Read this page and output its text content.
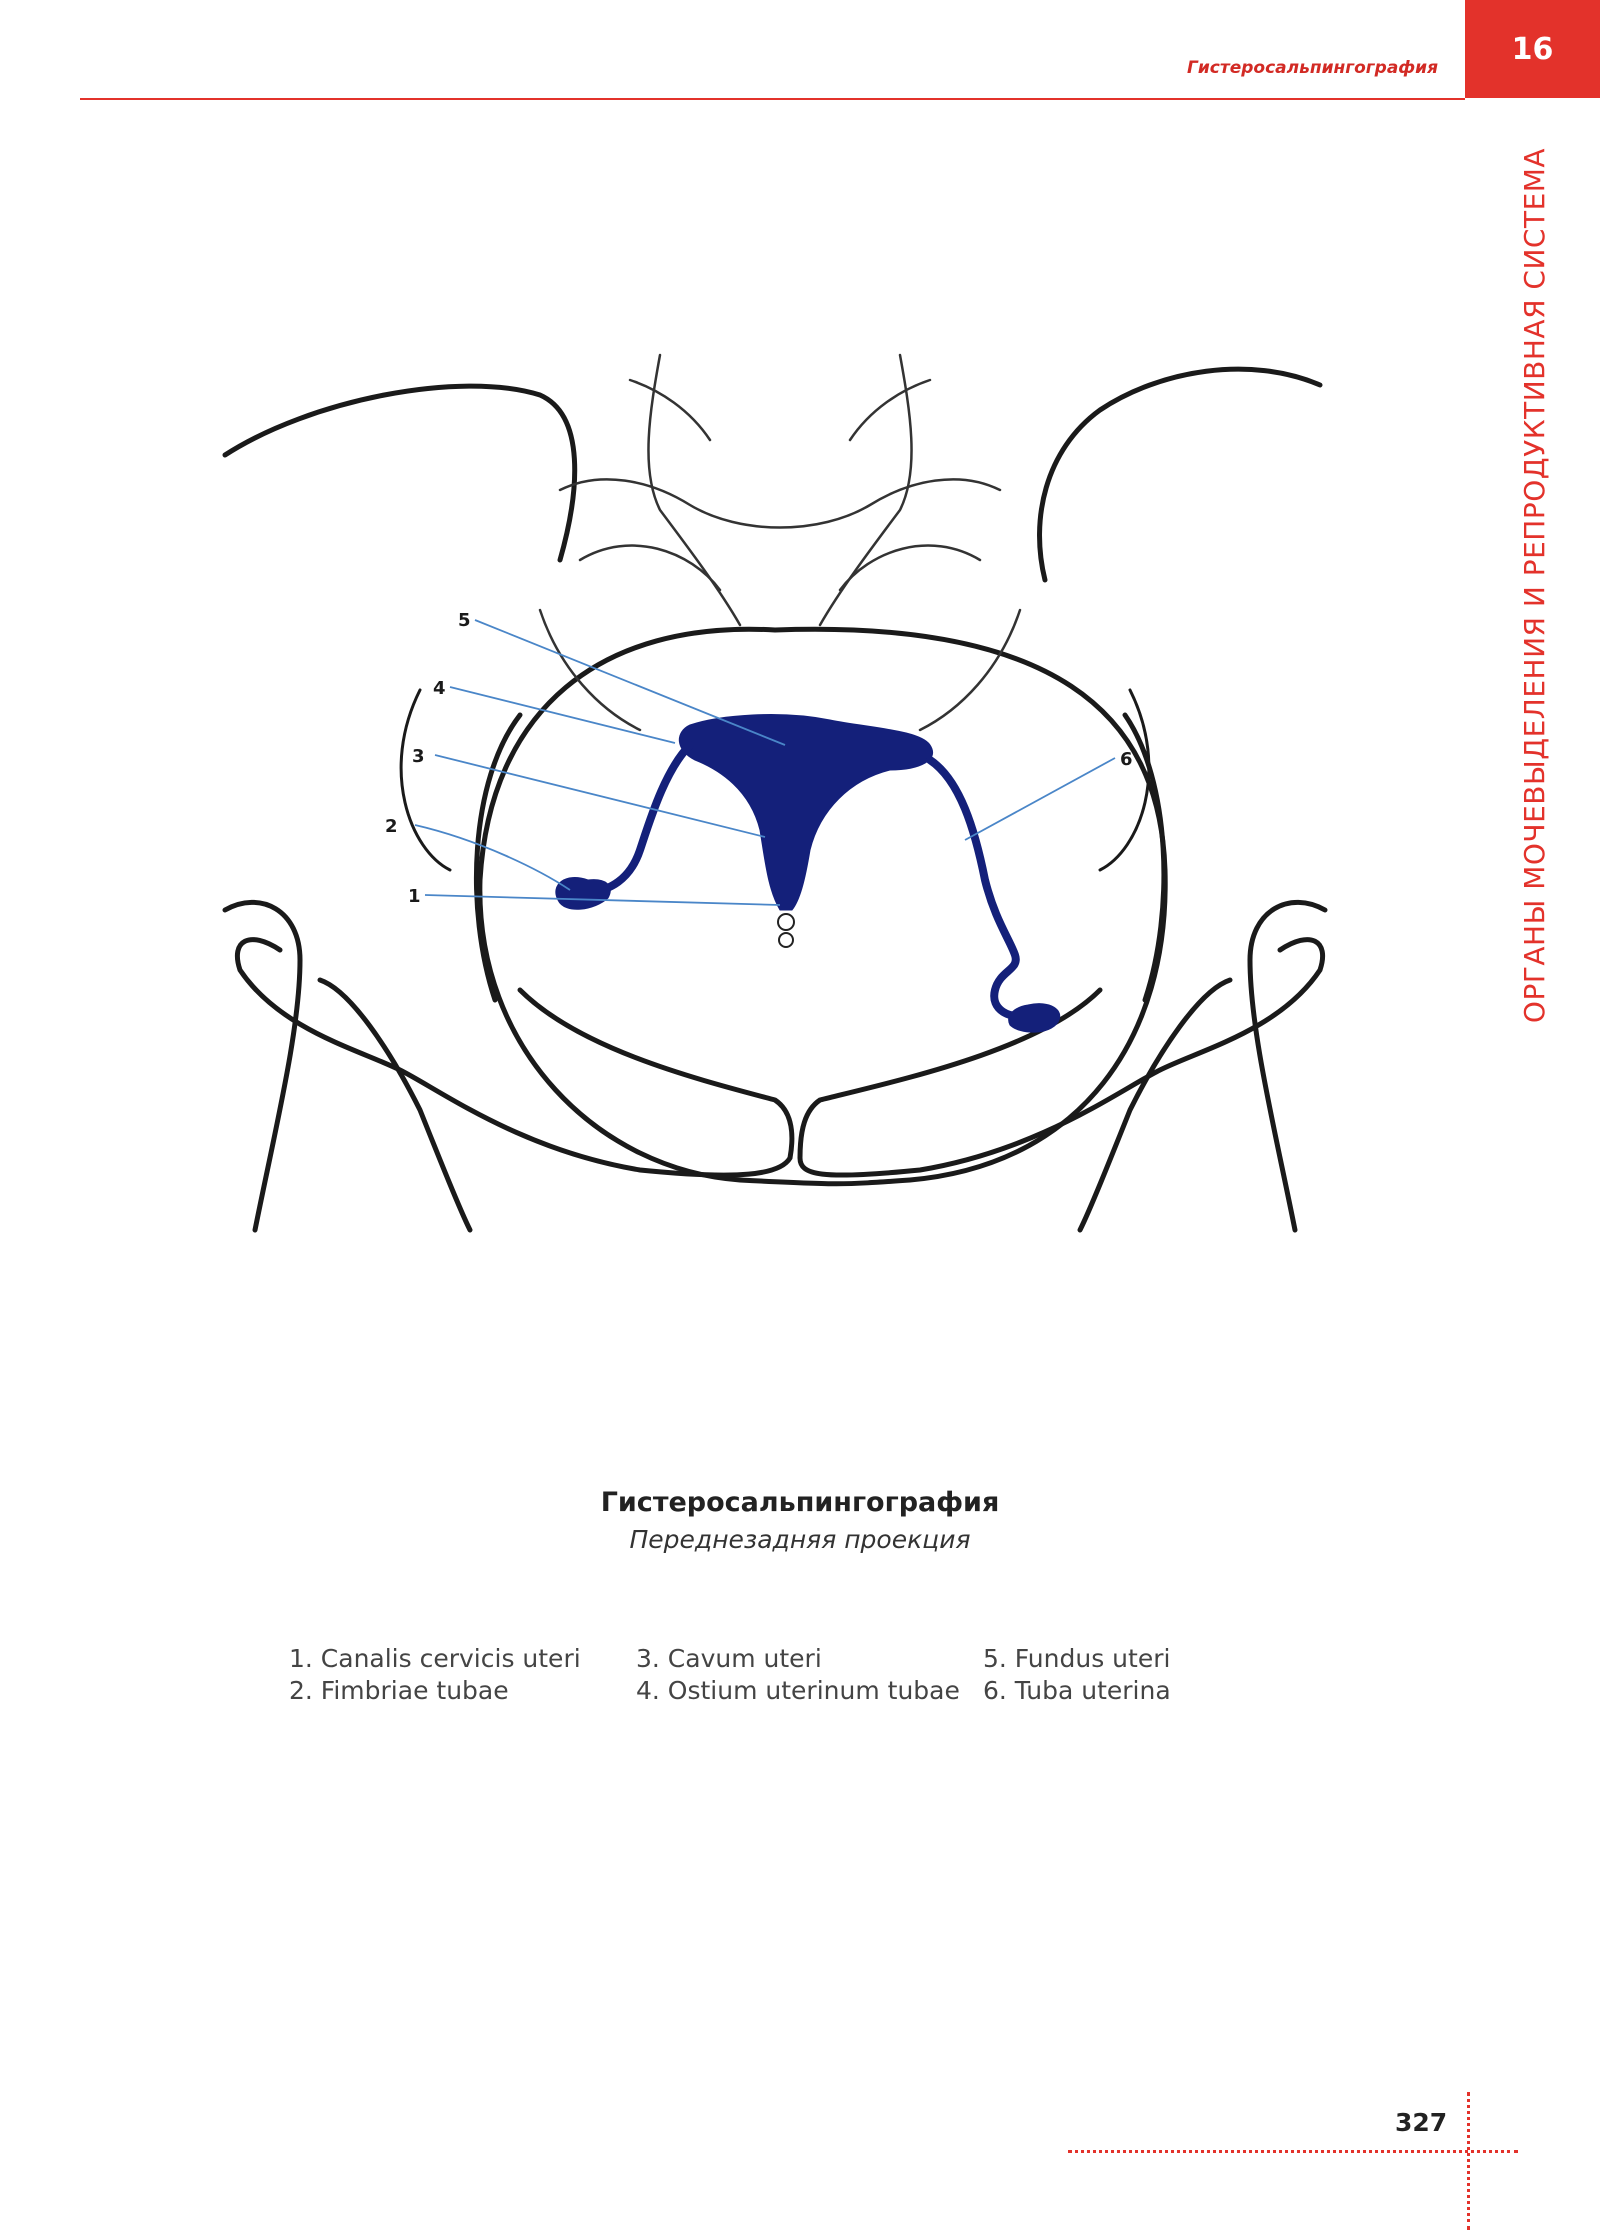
Гистеросальпингография
16
ОРГАНЫ МОЧЕВЫДЕЛЕНИЯ И РЕПРОДУКТИВНАЯ СИСТЕМА
1
2
3
4
5
6
Гистеросальпингография
Переднезадняя проекция
1. Canalis cervicis uteri
2. Fimbriae tubae
3. Cavum uteri
4. Ostium uterinum tubae
5. Fundus uteri
6. Tuba uterina
327
